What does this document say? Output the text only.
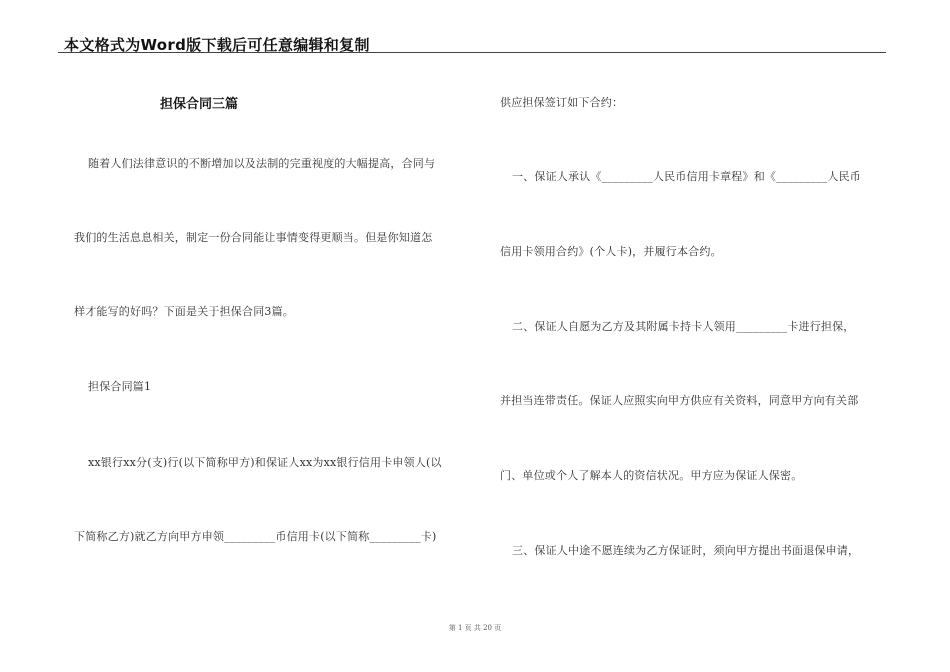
本文格式为Word版下载后可任意编辑和复制
担保合同三篇
随着人们法律意识的不断增加以及法制的完重视度的大幅提高，合同与
我们的生活息息相关，制定一份合同能让事情变得更顺当。但是你知道怎
样才能写的好吗？下面是关于担保合同3篇。
担保合同篇1
xx银行xx分(支)行(以下简称甲方)和保证人xx为xx银行信用卡申领人(以
下简称乙方)就乙方向甲方申领_________币信用卡(以下简称_________卡)
供应担保签订如下合约：
一、保证人承认《_________人民币信用卡章程》和《_________人民币
信用卡领用合约》(个人卡)，并履行本合约。
二、保证人自愿为乙方及其附属卡持卡人领用_________卡进行担保，
并担当连带责任。保证人应照实向甲方供应有关资料，同意甲方向有关部
门、单位或个人了解本人的资信状况。甲方应为保证人保密。
三、保证人中途不愿连续为乙方保证时，须向甲方提出书面退保申请，
第 1 页 共 20 页
